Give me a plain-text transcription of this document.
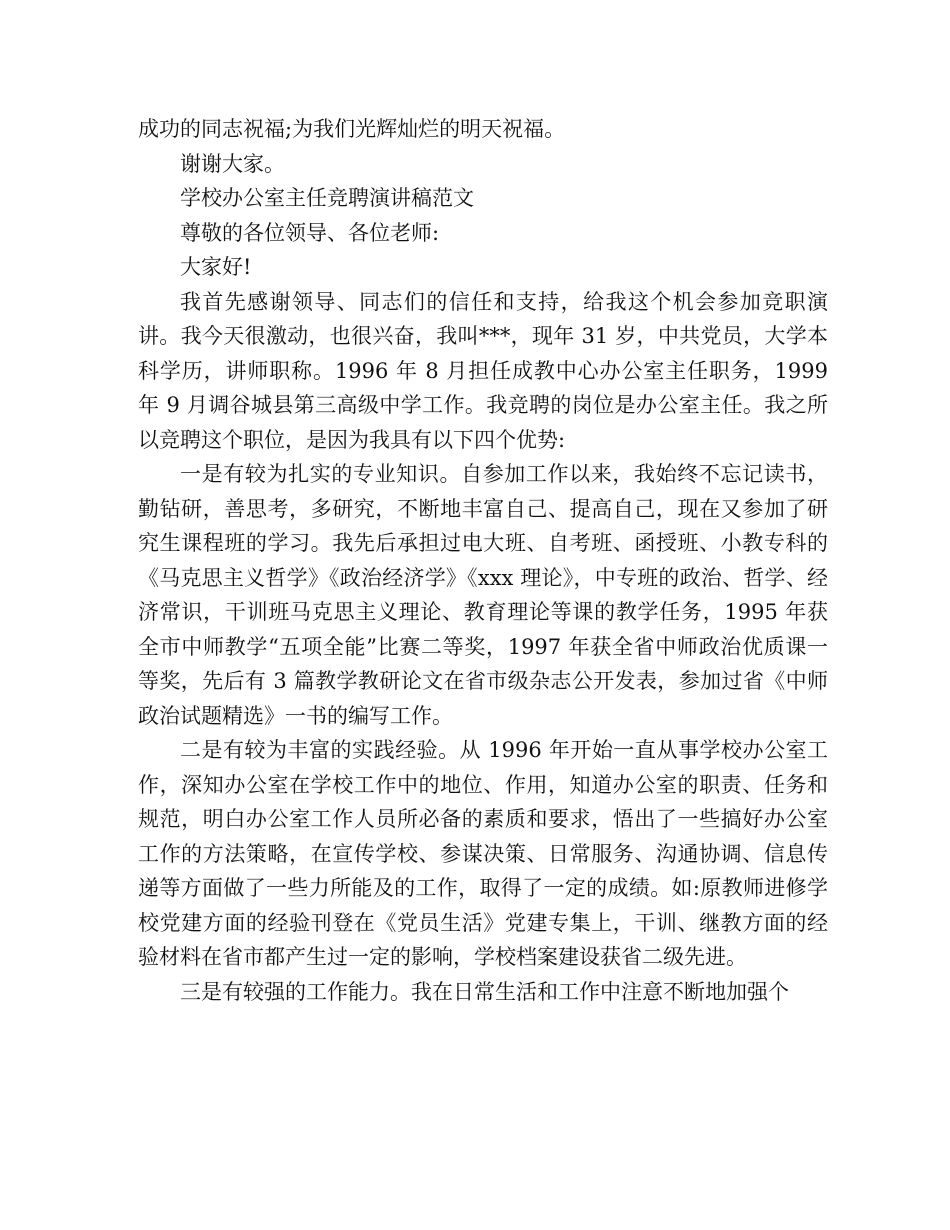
成功的同志祝福;为我们光辉灿烂的明天祝福。

谢谢大家。

学校办公室主任竞聘演讲稿范文

尊敬的各位领导、各位老师:

大家好!

我首先感谢领导、同志们的信任和支持，给我这个机会参加竞职演讲。我今天很激动，也很兴奋，我叫***，现年 31 岁，中共党员，大学本科学历，讲师职称。1996 年 8 月担任成教中心办公室主任职务，1999 年 9 月调谷城县第三高级中学工作。我竞聘的岗位是办公室主任。我之所以竞聘这个职位，是因为我具有以下四个优势:

一是有较为扎实的专业知识。自参加工作以来，我始终不忘记读书，勤钻研，善思考，多研究，不断地丰富自己、提高自己，现在又参加了研究生课程班的学习。我先后承担过电大班、自考班、函授班、小教专科的《马克思主义哲学》《政治经济学》《xxx 理论》，中专班的政治、哲学、经济常识，干训班马克思主义理论、教育理论等课的教学任务，1995 年获全市中师教学“五项全能”比赛二等奖，1997 年获全省中师政治优质课一等奖，先后有 3 篇教学教研论文在省市级杂志公开发表，参加过省《中师政治试题精选》一书的编写工作。

二是有较为丰富的实践经验。从 1996 年开始一直从事学校办公室工作，深知办公室在学校工作中的地位、作用，知道办公室的职责、任务和规范，明白办公室工作人员所必备的素质和要求，悟出了一些搞好办公室工作的方法策略，在宣传学校、参谋决策、日常服务、沟通协调、信息传递等方面做了一些力所能及的工作，取得了一定的成绩。如:原教师进修学校党建方面的经验刊登在《党员生活》党建专集上，干训、继教方面的经验材料在省市都产生过一定的影响，学校档案建设获省二级先进。

三是有较强的工作能力。我在日常生活和工作中注意不断地加强个
